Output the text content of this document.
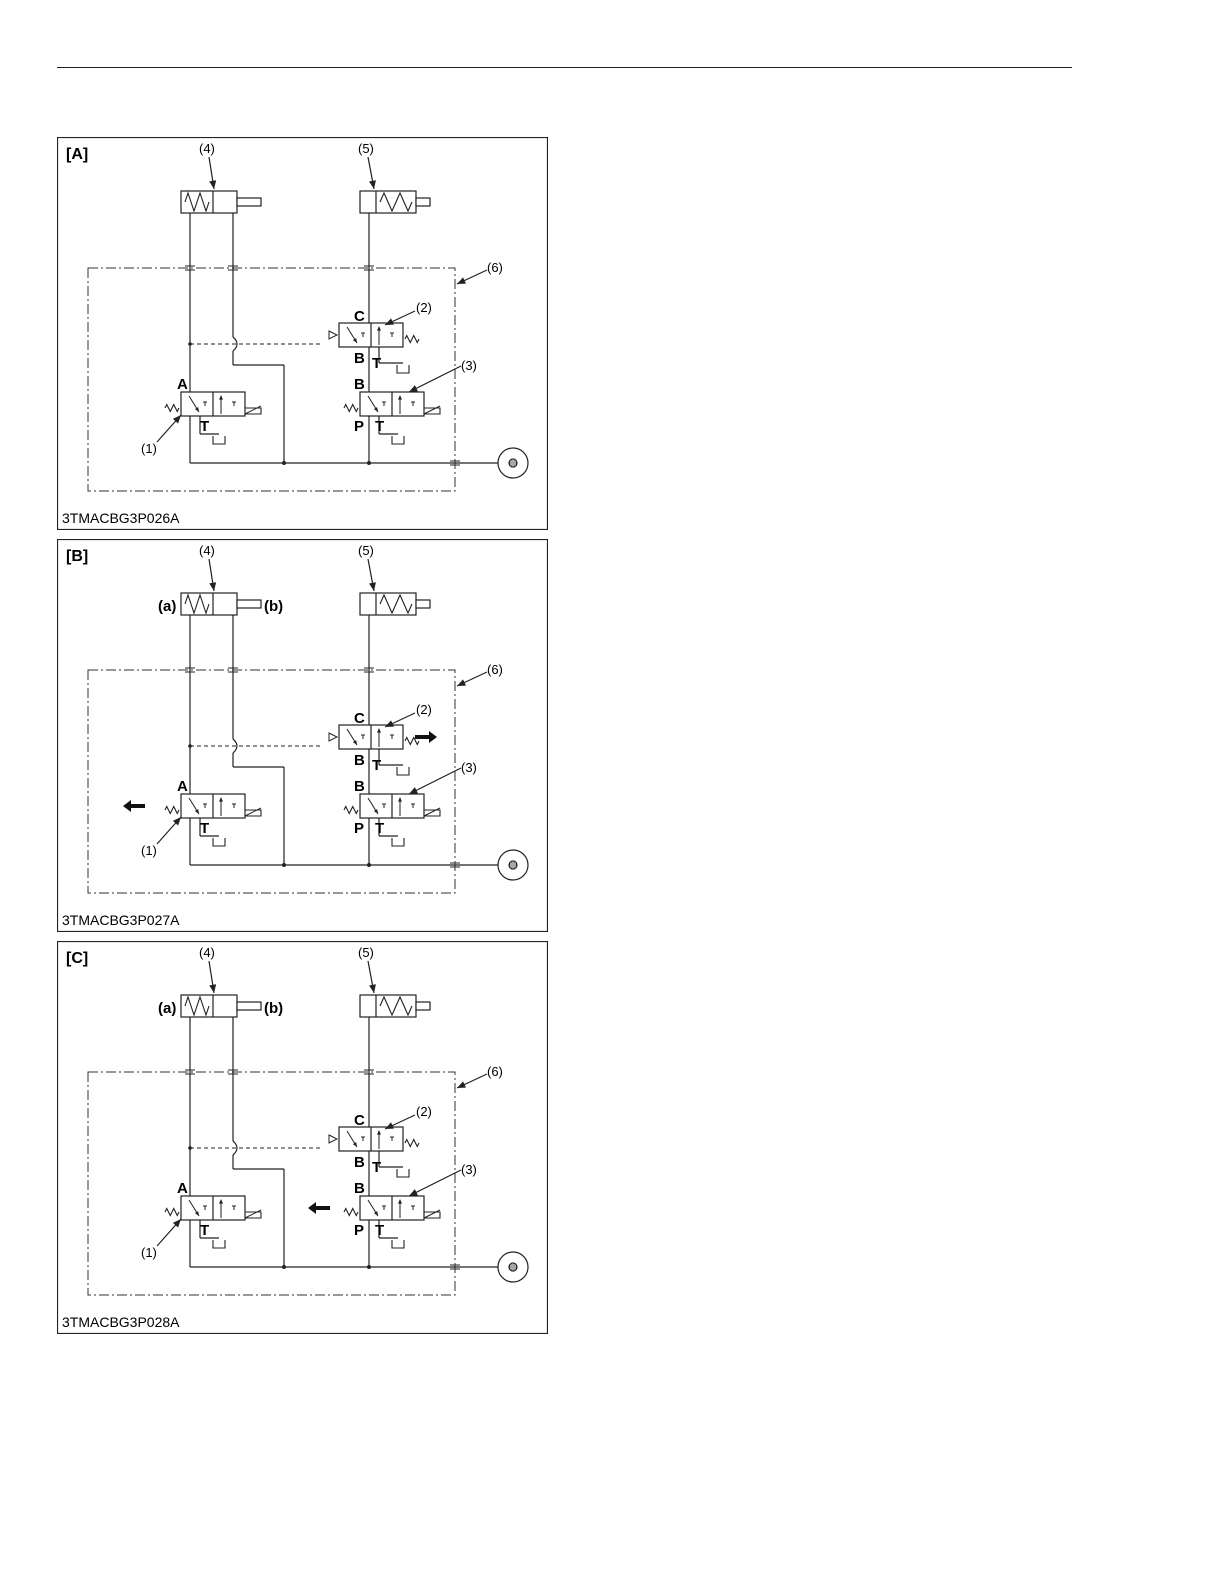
[A]
A
T
C
B T
B
P T
(1)
(2)
(3)
(4)	(5)
(6)
3TMACBG3P026A
[B]
(a)	(b)
A
T
C
B T
B
P T
(1)
(2)
(3)
(4)	(5)
(6)
3TMACBG3P027A
[C]
(a)	(b)
A
T
C
B T
B
P T
(1)
(2)
(3)
(4)	(5)
(6)
3TMACBG3P028A
